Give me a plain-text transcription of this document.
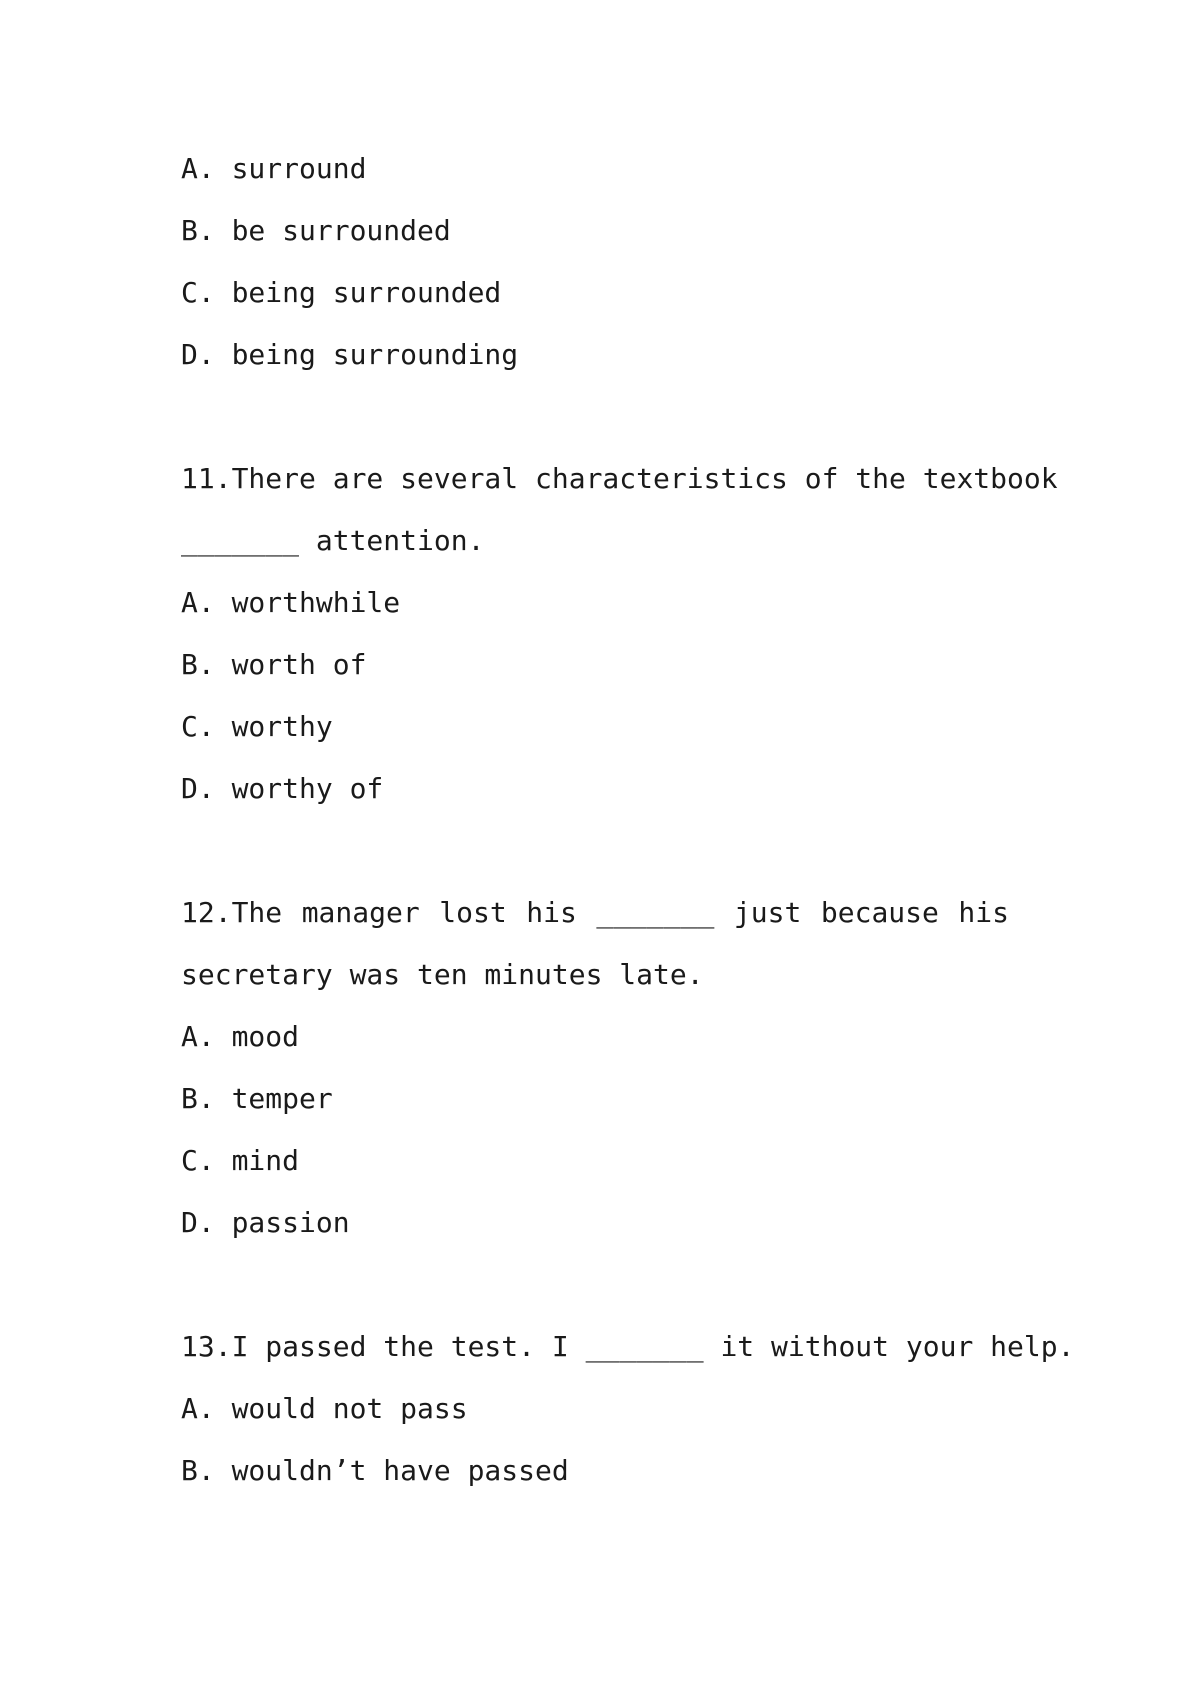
A. surround
B. be surrounded
C. being surrounded
D. being surrounding
11.There are several characteristics of the textbook
_______ attention.
A. worthwhile
B. worth of
C. worthy
D. worthy of
12.The manager lost his _______ just because his
secretary was ten minutes late.
A. mood
B. temper
C. mind
D. passion
13.I passed the test. I _______ it without your help.
A. would not pass
B. wouldn’t have passed
